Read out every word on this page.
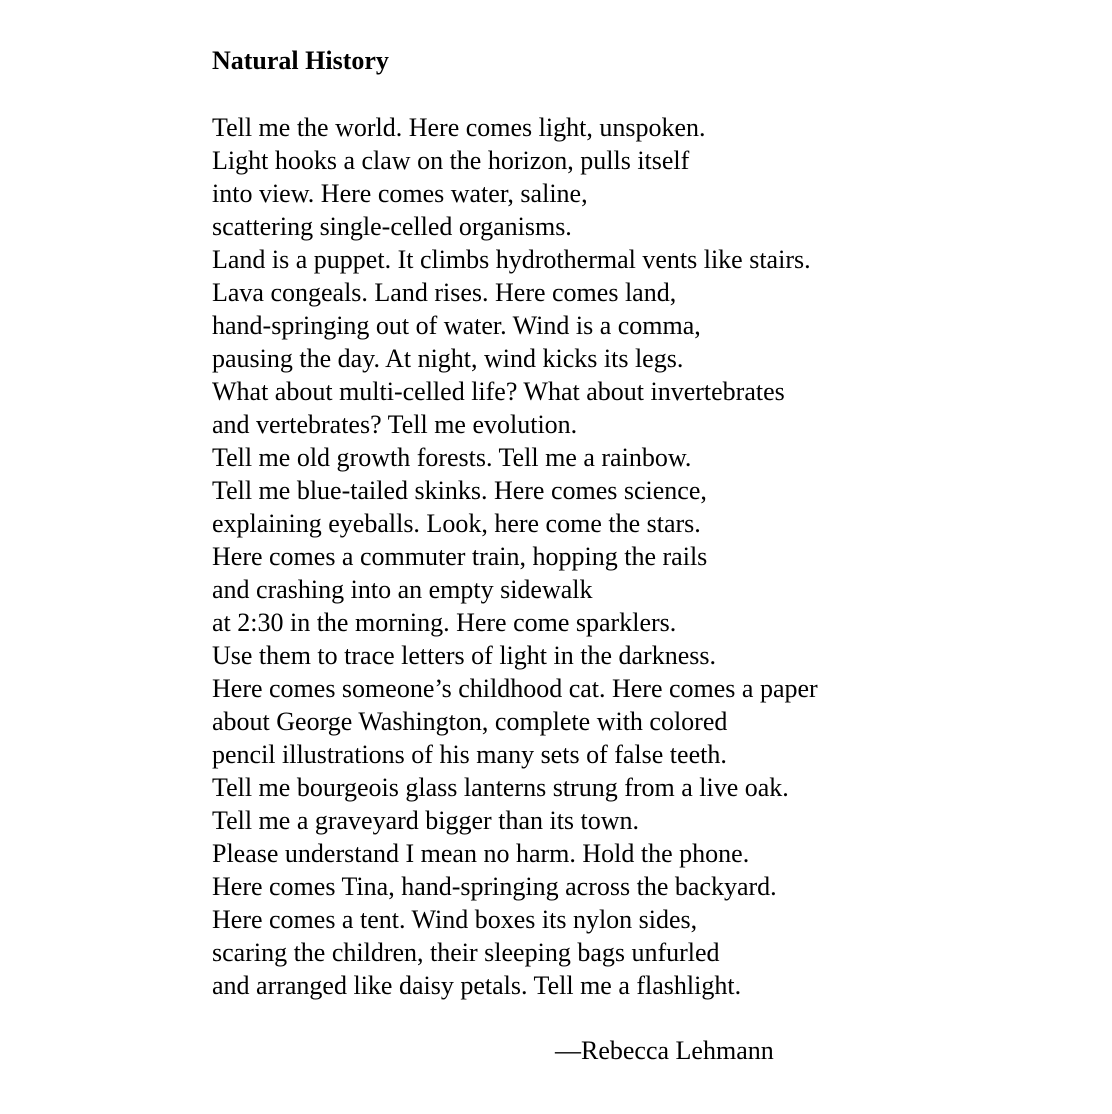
Natural History
Tell me the world. Here comes light, unspoken.
Light hooks a claw on the horizon, pulls itself
into view. Here comes water, saline,
scattering single-celled organisms.
Land is a puppet. It climbs hydrothermal vents like stairs.
Lava congeals. Land rises. Here comes land,
hand-springing out of water. Wind is a comma,
pausing the day. At night, wind kicks its legs.
What about multi-celled life? What about invertebrates
and vertebrates? Tell me evolution.
Tell me old growth forests. Tell me a rainbow.
Tell me blue-tailed skinks. Here comes science,
explaining eyeballs. Look, here come the stars.
Here comes a commuter train, hopping the rails
and crashing into an empty sidewalk
at 2:30 in the morning. Here come sparklers.
Use them to trace letters of light in the darkness.
Here comes someone’s childhood cat. Here comes a paper
about George Washington, complete with colored
pencil illustrations of his many sets of false teeth.
Tell me bourgeois glass lanterns strung from a live oak.
Tell me a graveyard bigger than its town.
Please understand I mean no harm. Hold the phone.
Here comes Tina, hand-springing across the backyard.
Here comes a tent. Wind boxes its nylon sides,
scaring the children, their sleeping bags unfurled
and arranged like daisy petals. Tell me a flashlight.

—Rebecca Lehmann
